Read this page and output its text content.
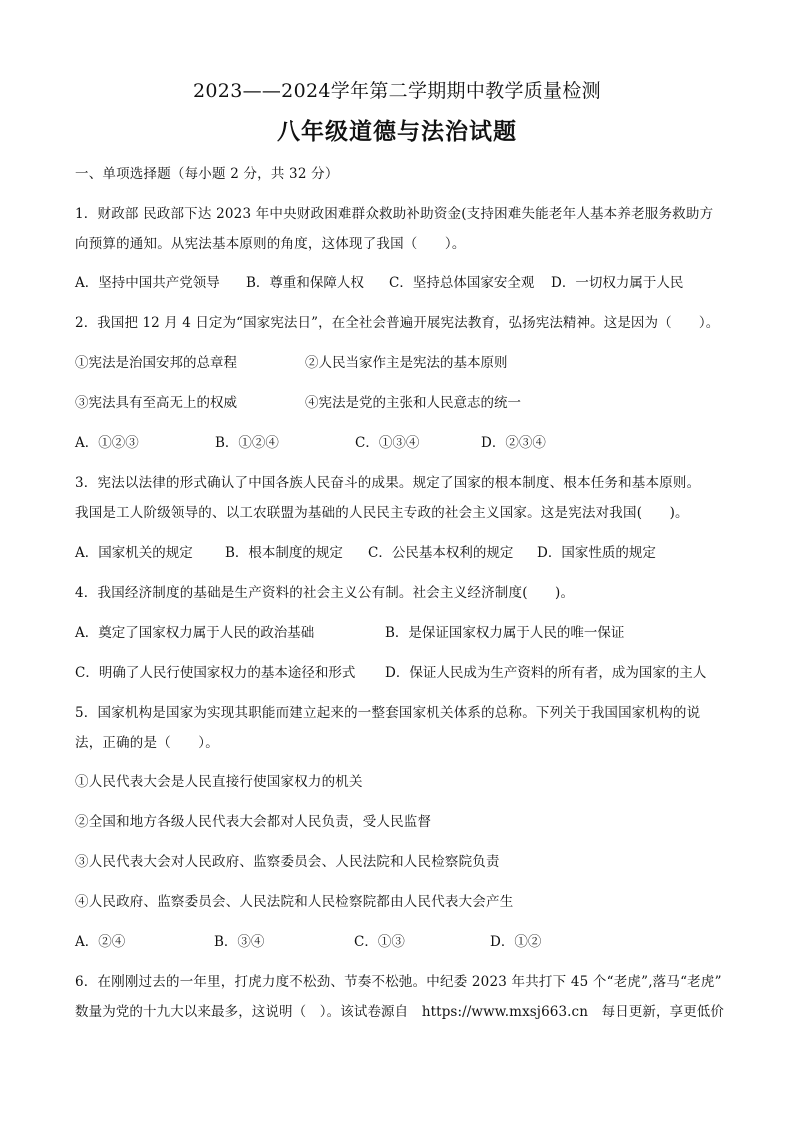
2023——2024学年第二学期期中教学质量检测
八年级道德与法治试题
一、单项选择题（每小题 2 分，共 32 分）
1．财政部 民政部下达 2023 年中央财政困难群众救助补助资金(支持困难失能老年人基本养老服务救助方
向预算的通知。从宪法基本原则的角度，这体现了我国（　　）。
A．坚持中国共产党领导 B．尊重和保障人权 C．坚持总体国家安全观 D．一切权力属于人民
2．我国把 12 月 4 日定为“国家宪法日”，在全社会普遍开展宪法教育，弘扬宪法精神。这是因为（　　）。
①宪法是治国安邦的总章程	②人民当家作主是宪法的基本原则
③宪法具有至高无上的权威	④宪法是党的主张和人民意志的统一
A．①②③	B．①②④	C．①③④	D．②③④
3．宪法以法律的形式确认了中国各族人民奋斗的成果。规定了国家的根本制度、根本任务和基本原则。
我国是工人阶级领导的、以工农联盟为基础的人民民主专政的社会主义国家。这是宪法对我国(　　)。
A．国家机关的规定 B．根本制度的规定 C．公民基本权利的规定 D．国家性质的规定
4．我国经济制度的基础是生产资料的社会主义公有制。社会主义经济制度(　　)。
A．奠定了国家权力属于人民的政治基础	B．是保证国家权力属于人民的唯一保证
C．明确了人民行使国家权力的基本途径和形式 D．保证人民成为生产资料的所有者，成为国家的主人
5．国家机构是国家为实现其职能而建立起来的一整套国家机关体系的总称。下列关于我国国家机构的说
法，正确的是（　　）。
①人民代表大会是人民直接行使国家权力的机关
②全国和地方各级人民代表大会都对人民负责，受人民监督
③人民代表大会对人民政府、监察委员会、人民法院和人民检察院负责
④人民政府、监察委员会、人民法院和人民检察院都由人民代表大会产生
A．②④	B．③④	C．①③	D．①②
6．在刚刚过去的一年里，打虎力度不松劲、节奏不松弛。中纪委 2023 年共打下 45 个“老虎”,落马“老虎”
数量为党的十九大以来最多，这说明（　）。该试卷源自　https://www.mxsj663.cn　每日更新，享更低价
